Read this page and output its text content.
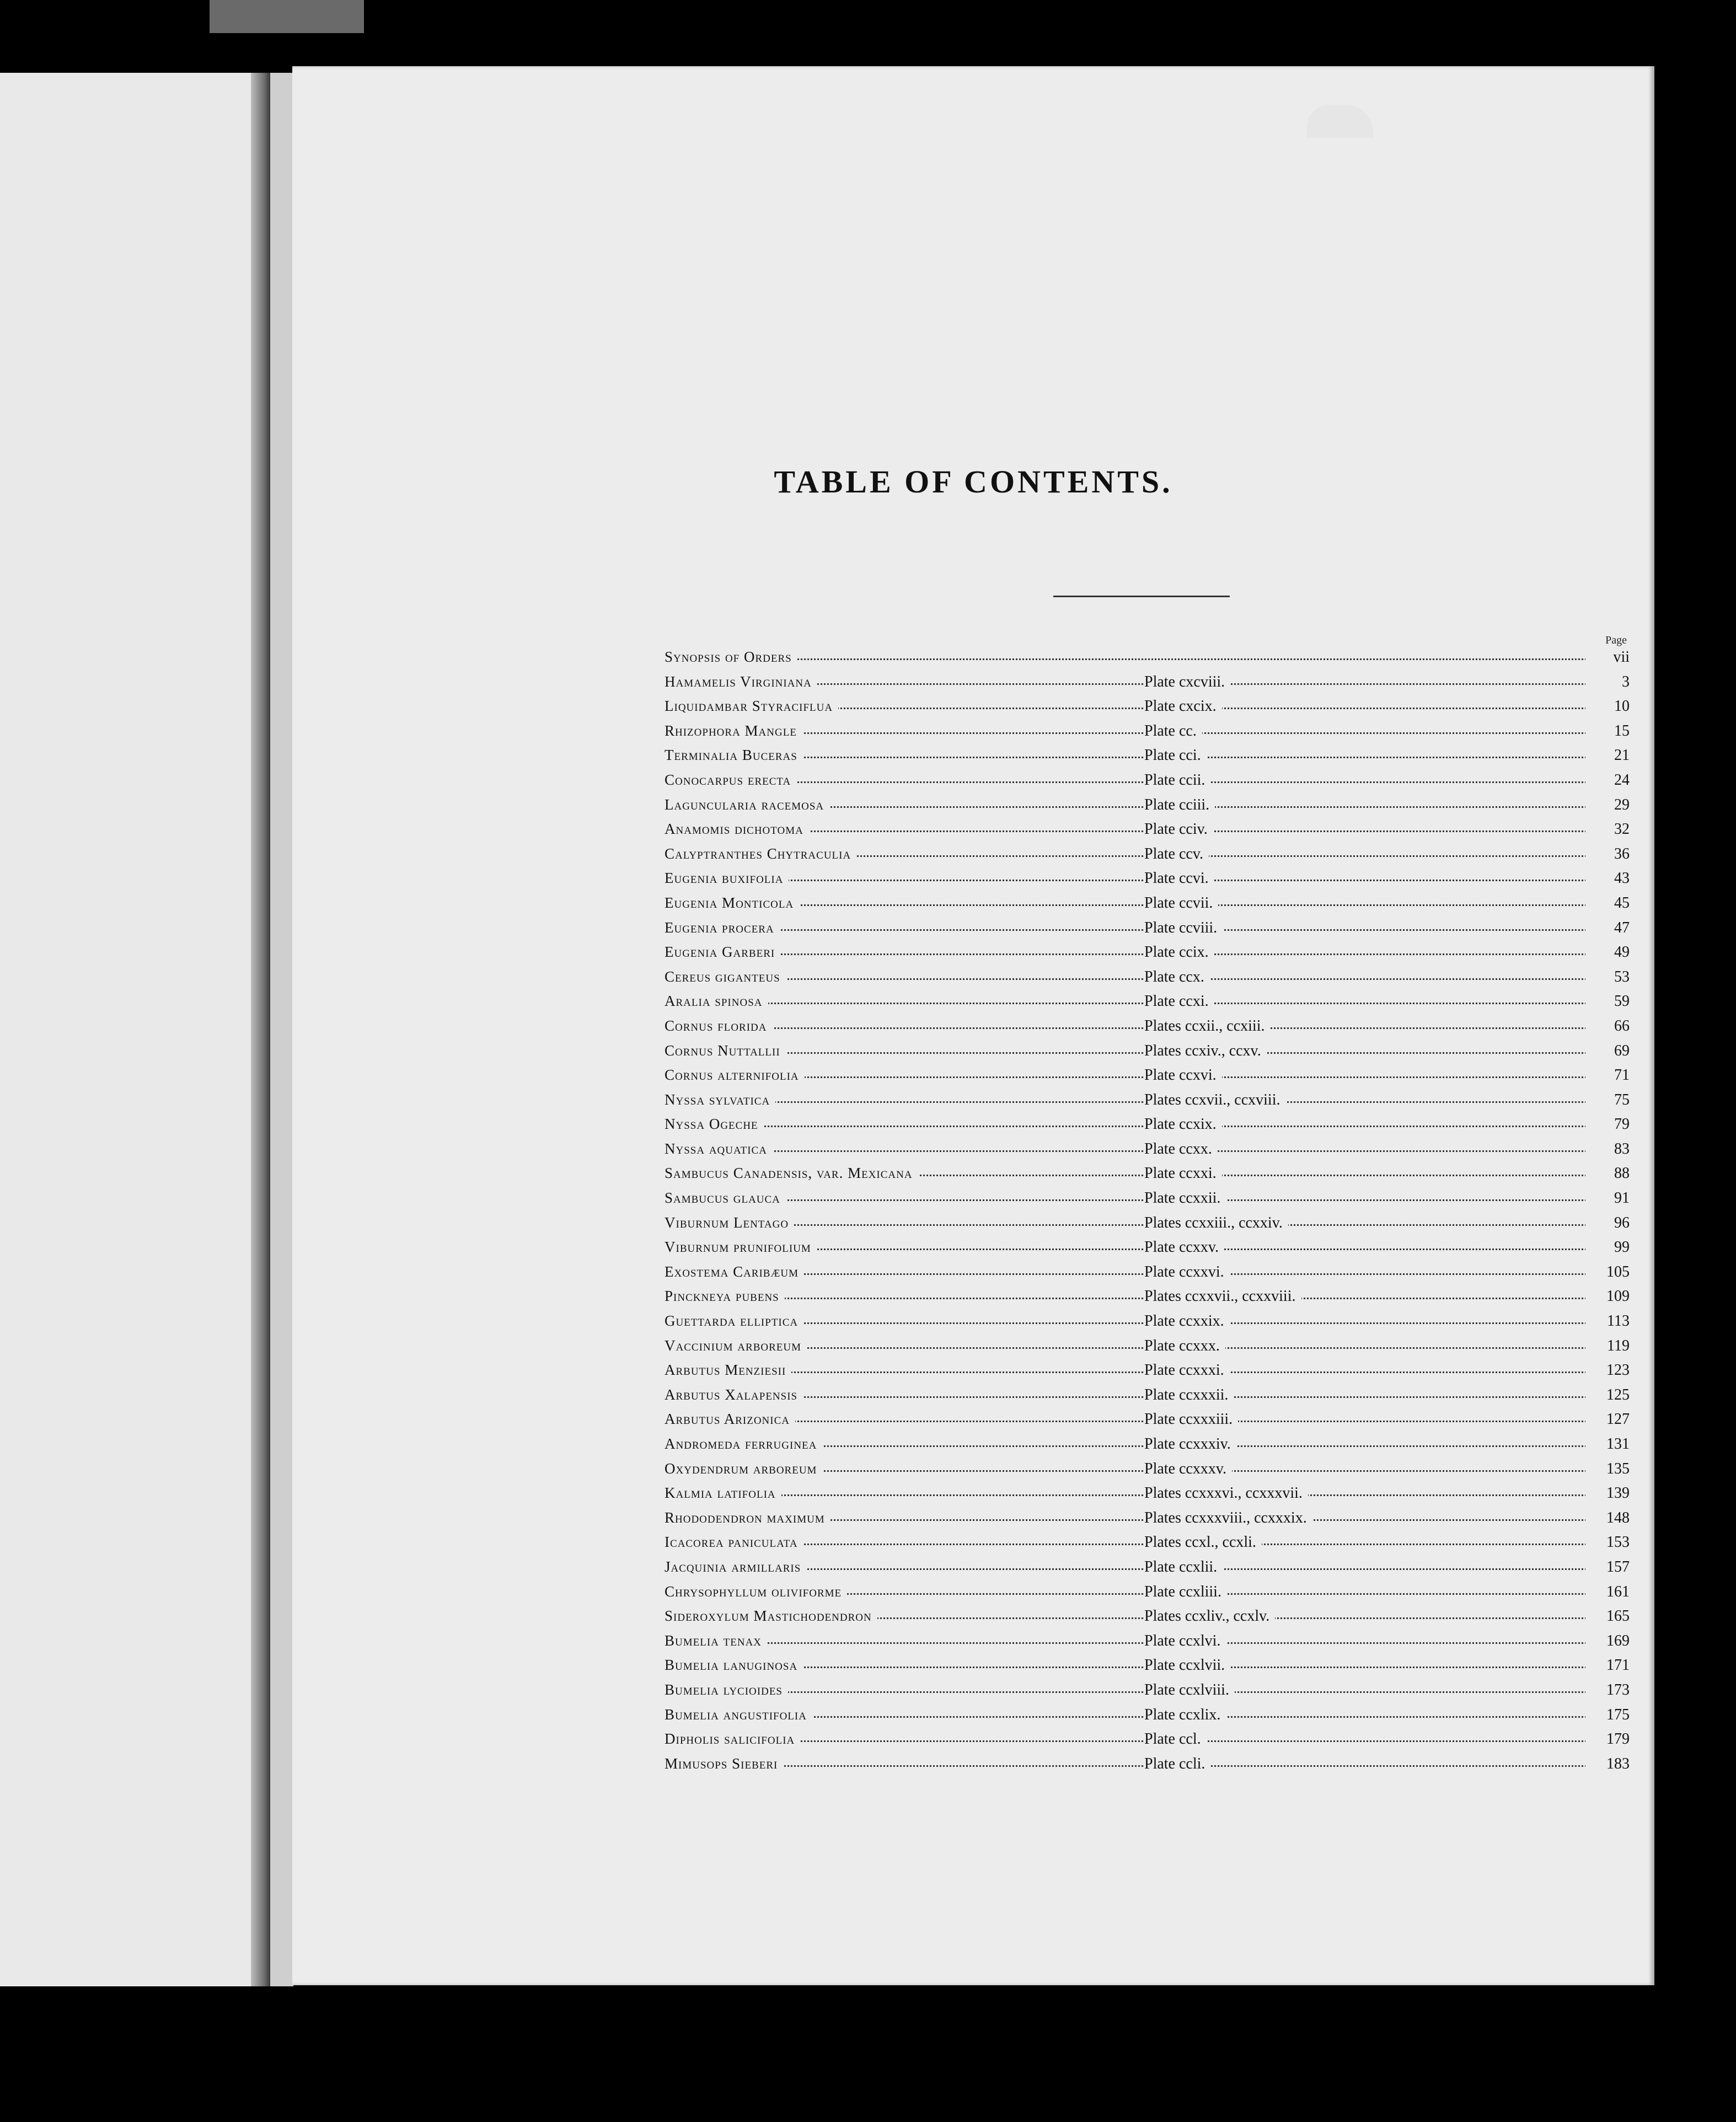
TABLE OF CONTENTS.
Page
Synopsis of Orders	vii
Hamamelis Virginiana	Plate cxcviii.	3
Liquidambar Styraciflua	Plate cxcix.	10
Rhizophora Mangle	Plate cc.	15
Terminalia Buceras	Plate cci.	21
Conocarpus erecta	Plate ccii.	24
Laguncularia racemosa	Plate cciii.	29
Anamomis dichotoma	Plate cciv.	32
Calyptranthes Chytraculia	Plate ccv.	36
Eugenia buxifolia	Plate ccvi.	43
Eugenia Monticola	Plate ccvii.	45
Eugenia procera	Plate ccviii.	47
Eugenia Garberi	Plate ccix.	49
Cereus giganteus	Plate ccx.	53
Aralia spinosa	Plate ccxi.	59
Cornus florida	Plates ccxii., ccxiii.	66
Cornus Nuttallii	Plates ccxiv., ccxv.	69
Cornus alternifolia	Plate ccxvi.	71
Nyssa sylvatica	Plates ccxvii., ccxviii.	75
Nyssa Ogeche	Plate ccxix.	79
Nyssa aquatica	Plate ccxx.	83
Sambucus Canadensis, var. Mexicana	Plate ccxxi.	88
Sambucus glauca	Plate ccxxii.	91
Viburnum Lentago	Plates ccxxiii., ccxxiv.	96
Viburnum prunifolium	Plate ccxxv.	99
Exostema Caribæum	Plate ccxxvi.	105
Pinckneya pubens	Plates ccxxvii., ccxxviii.	109
Guettarda elliptica	Plate ccxxix.	113
Vaccinium arboreum	Plate ccxxx.	119
Arbutus Menziesii	Plate ccxxxi.	123
Arbutus Xalapensis	Plate ccxxxii.	125
Arbutus Arizonica	Plate ccxxxiii.	127
Andromeda ferruginea	Plate ccxxxiv.	131
Oxydendrum arboreum	Plate ccxxxv.	135
Kalmia latifolia	Plates ccxxxvi., ccxxxvii.	139
Rhododendron maximum	Plates ccxxxviii., ccxxxix.	148
Icacorea paniculata	Plates ccxl., ccxli.	153
Jacquinia armillaris	Plate ccxlii.	157
Chrysophyllum oliviforme	Plate ccxliii.	161
Sideroxylum Mastichodendron	Plates ccxliv., ccxlv.	165
Bumelia tenax	Plate ccxlvi.	169
Bumelia lanuginosa	Plate ccxlvii.	171
Bumelia lycioides	Plate ccxlviii.	173
Bumelia angustifolia	Plate ccxlix.	175
Dipholis salicifolia	Plate ccl.	179
Mimusops Sieberi	Plate ccli.	183
